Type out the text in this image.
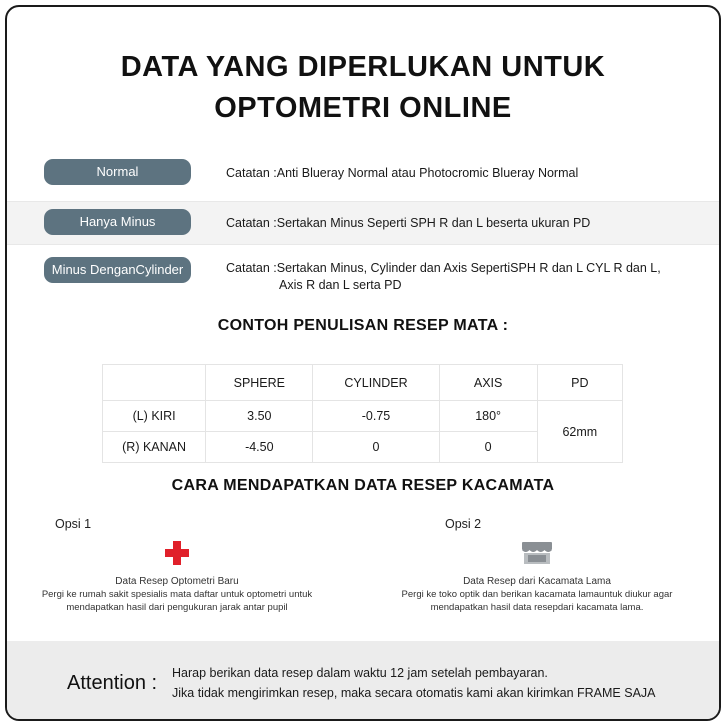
DATA YANG DIPERLUKAN UNTUK
OPTOMETRI ONLINE
Normal	Catatan :Anti Blueray Normal atau Photocromic Blueray Normal
Hanya Minus	Catatan :Sertakan Minus Seperti SPH R dan L beserta ukuran PD
Minus DenganCylinder	Catatan :Sertakan Minus, Cylinder dan Axis SepertiSPH R dan L CYL R dan L,
Axis R dan L serta PD
CONTOH PENULISAN RESEP MATA :
	SPHERE	CYLINDER	AXIS	PD
(L) KIRI	3.50	-0.75	180°	62mm
(R) KANAN	-4.50	0	0	
CARA MENDAPATKAN DATA RESEP KACAMATA
Opsi 1
Data Resep Optometri Baru
Pergi ke rumah sakit spesialis mata daftar untuk optometri untuk
mendapatkan hasil dari pengukuran jarak antar pupil
Opsi 2
Data Resep dari Kacamata Lama
Pergi ke toko optik dan berikan kacamata lamauntuk diukur agar
mendapatkan hasil data resepdari kacamata lama.
Attention : Harap berikan data resep dalam waktu 12 jam setelah pembayaran.
Jika tidak mengirimkan resep, maka secara otomatis kami akan kirimkan FRAME SAJA
